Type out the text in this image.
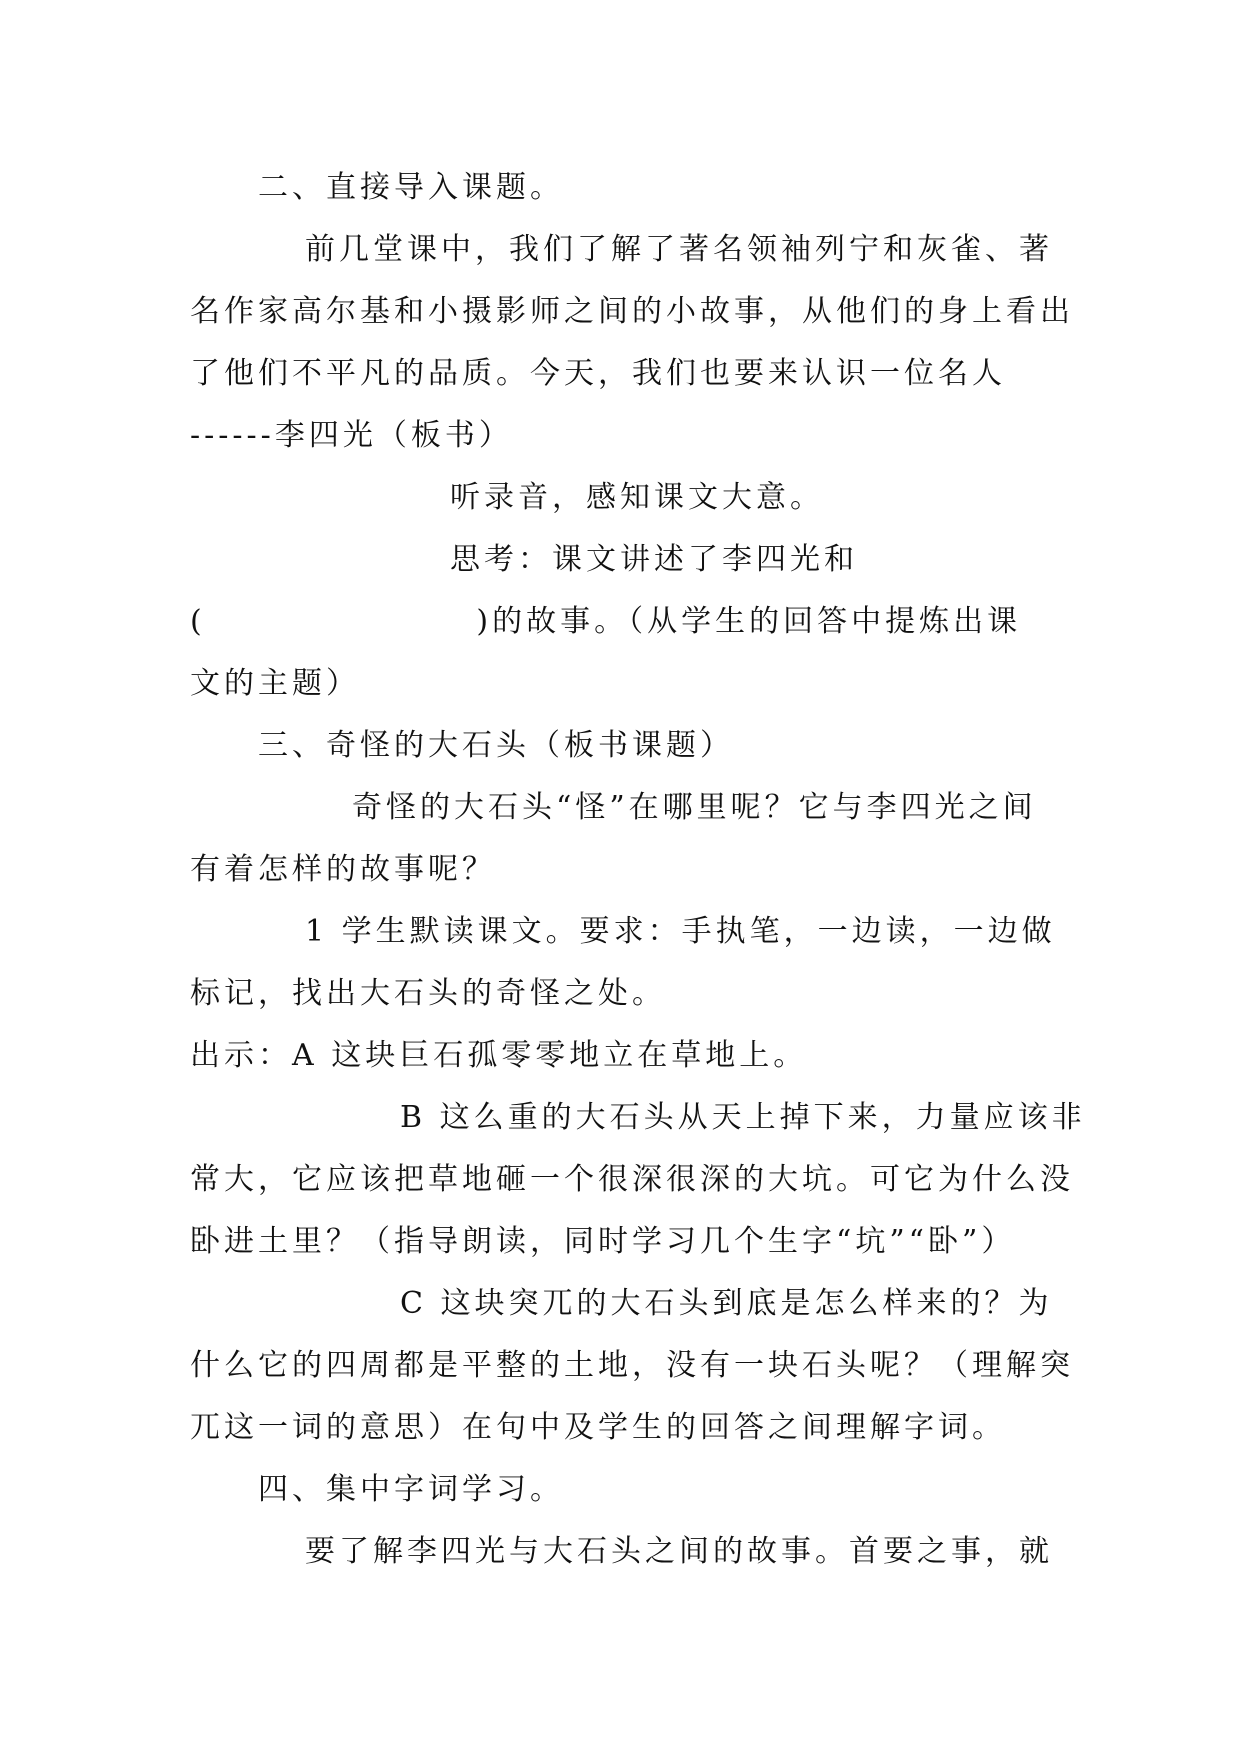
二、直接导入课题。
前几堂课中，我们了解了著名领袖列宁和灰雀、著
名作家高尔基和小摄影师之间的小故事，从他们的身上看出
了他们不平凡的品质。今天，我们也要来认识一位名人
------李四光（板书）
听录音，感知课文大意。
思考：课文讲述了李四光和
(                    )的故事。（从学生的回答中提炼出课
文的主题）
三、奇怪的大石头（板书课题）
奇怪的大石头“怪”在哪里呢？它与李四光之间
有着怎样的故事呢？
1 学生默读课文。要求：手执笔，一边读，一边做
标记，找出大石头的奇怪之处。
出示：A 这块巨石孤零零地立在草地上。
B 这么重的大石头从天上掉下来，力量应该非
常大，它应该把草地砸一个很深很深的大坑。可它为什么没
卧进土里？（指导朗读，同时学习几个生字“坑”“卧”）
C 这块突兀的大石头到底是怎么样来的？为
什么它的四周都是平整的土地，没有一块石头呢？（理解突
兀这一词的意思）在句中及学生的回答之间理解字词。
四、集中字词学习。
要了解李四光与大石头之间的故事。首要之事，就
